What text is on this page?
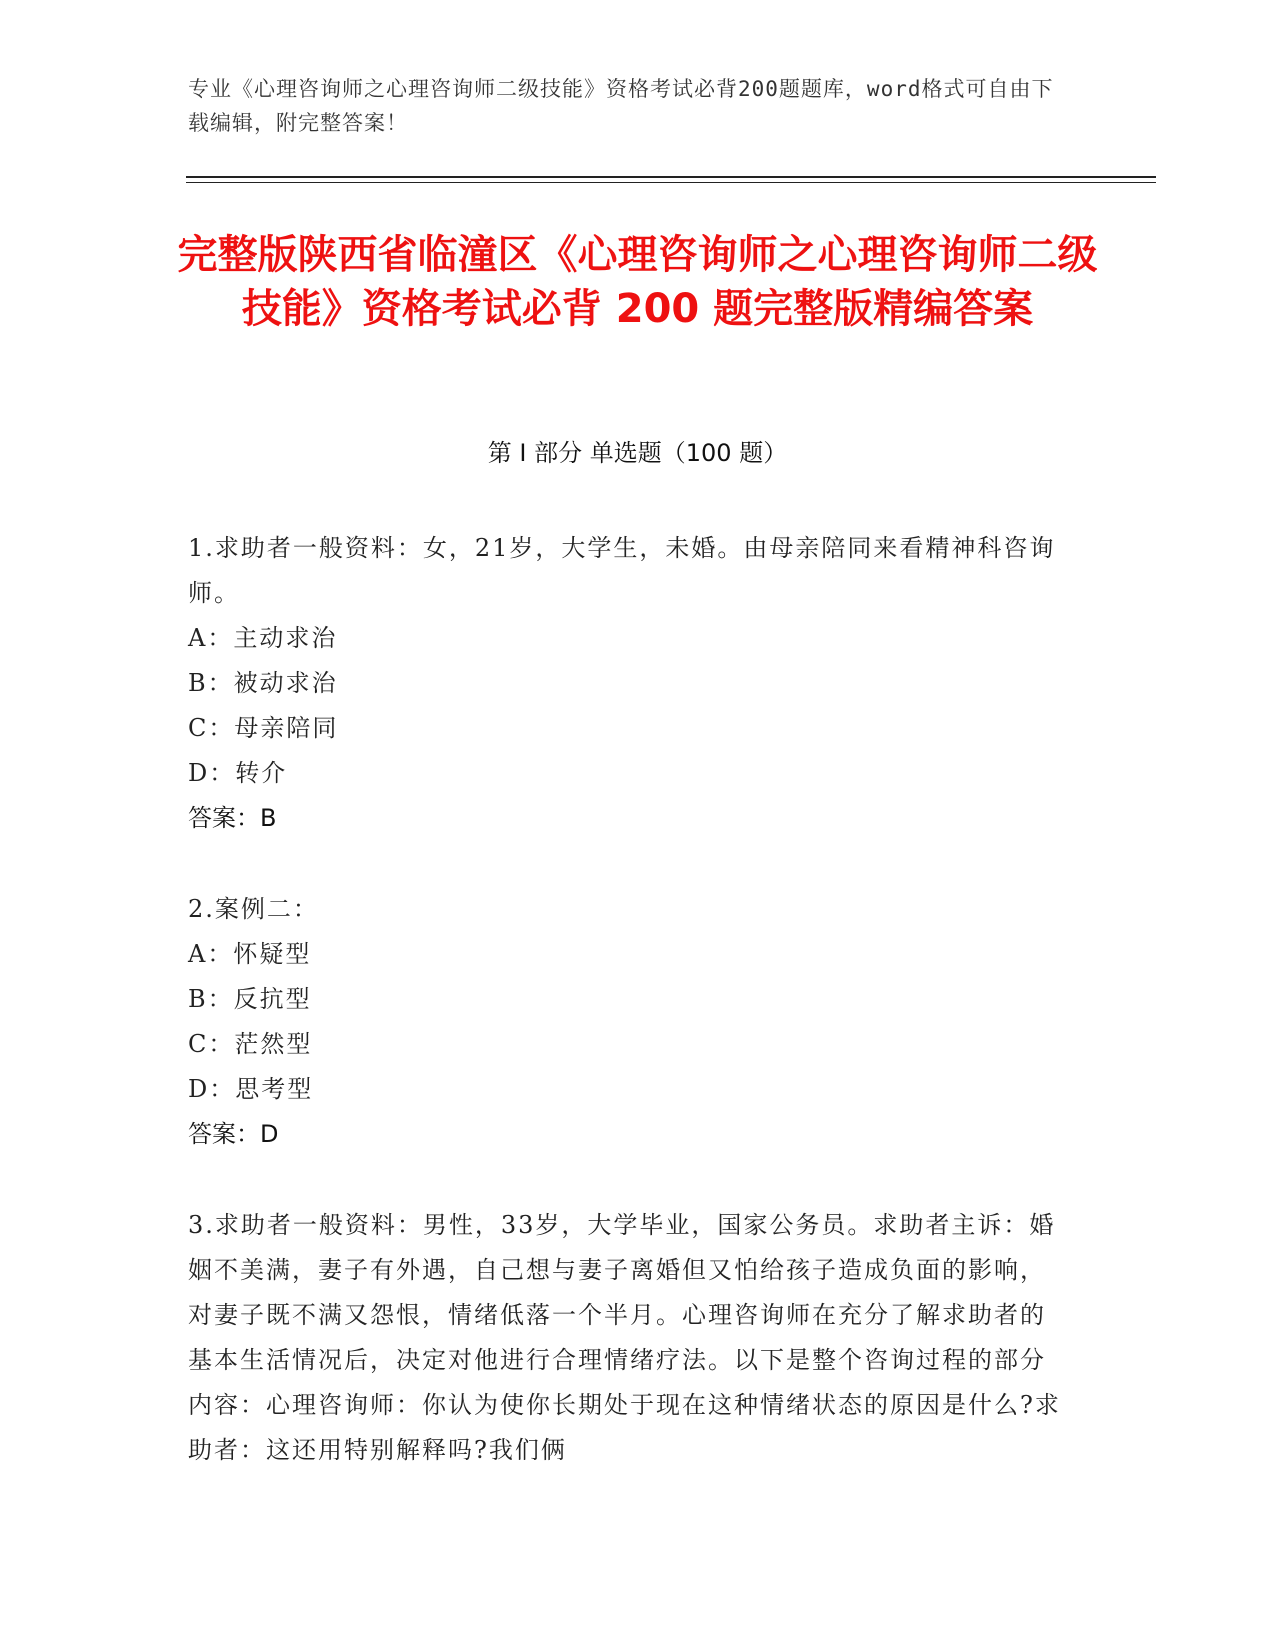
专业《心理咨询师之心理咨询师二级技能》资格考试必背200题题库，word格式可自由下载编辑，附完整答案！
完整版陕西省临潼区《心理咨询师之心理咨询师二级技能》资格考试必背 200 题完整版精编答案
第 I 部分 单选题（100 题）

1.求助者一般资料：女，21岁，大学生，未婚。由母亲陪同来看精神科咨询师。

A：主动求治

B：被动求治

C：母亲陪同

D：转介

答案：B

2.案例二：

A：怀疑型

B：反抗型

C：茫然型

D：思考型

答案：D

3.求助者一般资料：男性，33岁，大学毕业，国家公务员。求助者主诉：婚姻不美满，妻子有外遇，自己想与妻子离婚但又怕给孩子造成负面的影响，对妻子既不满又怨恨，情绪低落一个半月。心理咨询师在充分了解求助者的基本生活情况后，决定对他进行合理情绪疗法。以下是整个咨询过程的部分内容：心理咨询师：你认为使你长期处于现在这种情绪状态的原因是什么?求助者：这还用特别解释吗?我们俩
